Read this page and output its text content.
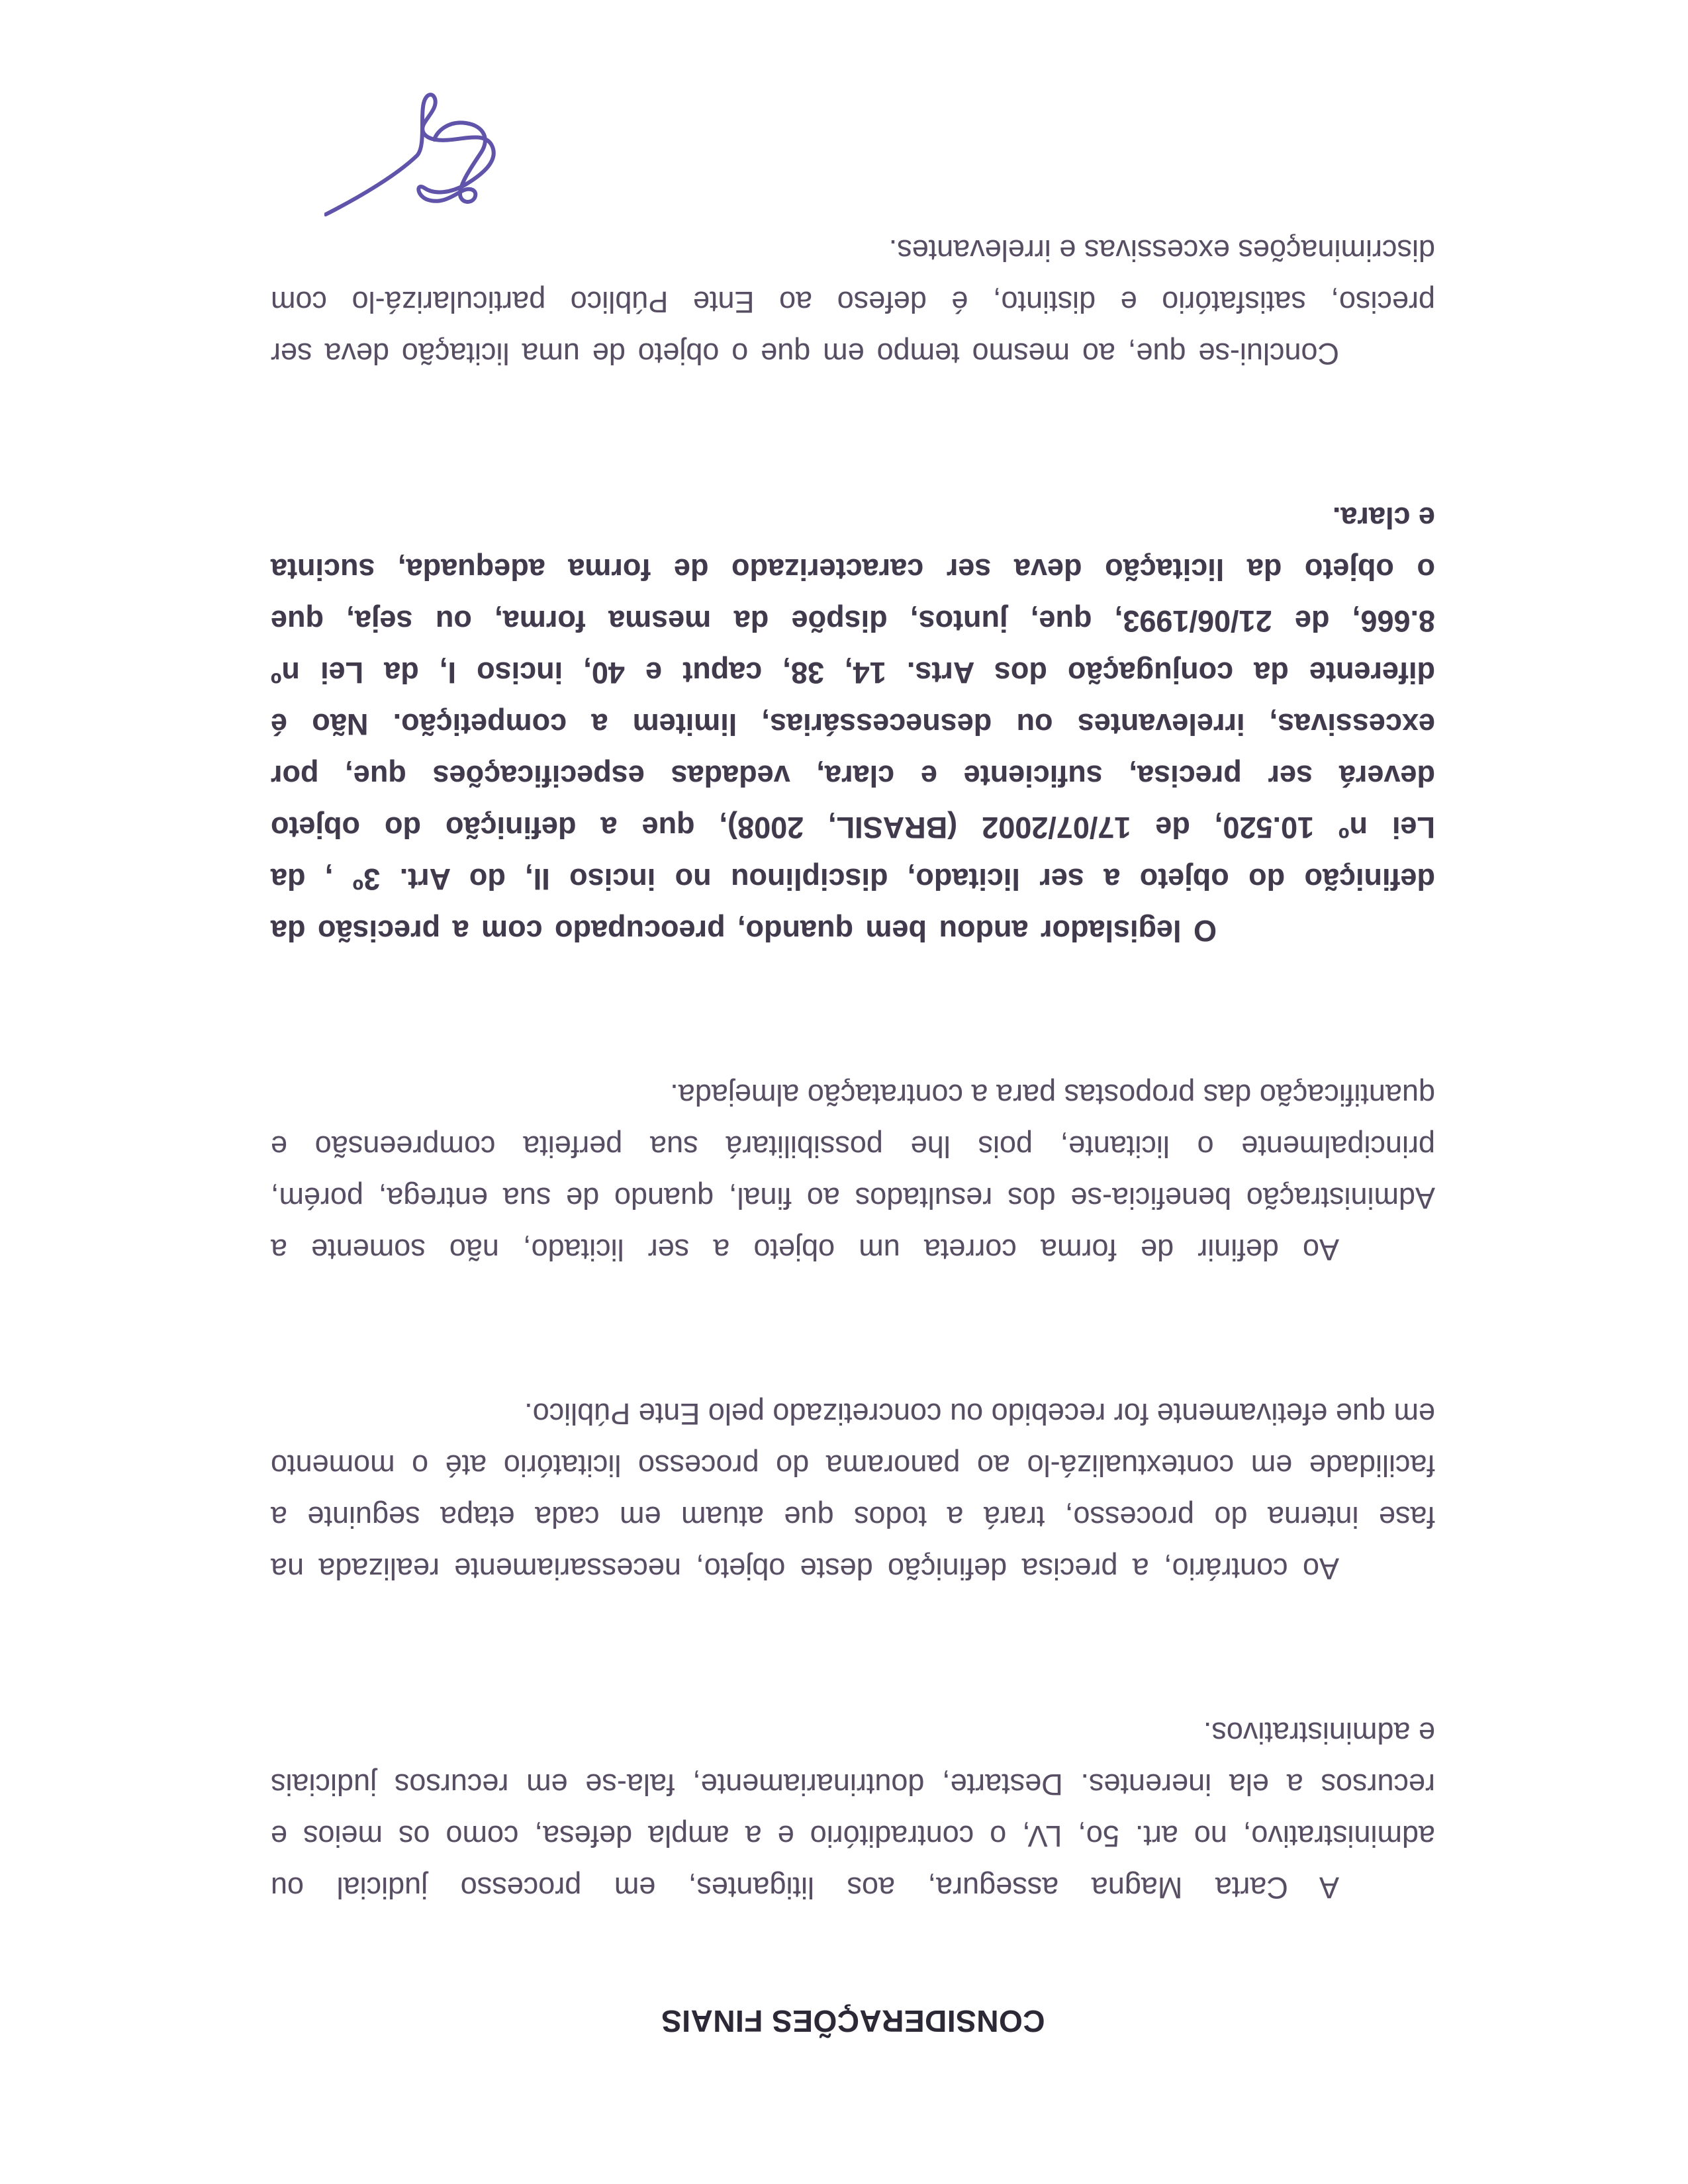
CONSIDERAÇÕES FINAIS
A Carta Magna assegura, aos litigantes, em processo judicial ou
administrativo, no art. 5o, LV, o contraditório e a ampla defesa, como os meios e
recursos a ela inerentes. Destarte, doutrinariamente, fala-se em recursos judiciais
e administrativos.
Ao contrário, a precisa definição deste objeto, necessariamente realizada na
fase interna do processo, trará a todos que atuam em cada etapa seguinte a
facilidade em contextualizá-lo ao panorama do processo licitatório até o momento
em que efetivamente for recebido ou concretizado pelo Ente Público.
Ao definir de forma correta um objeto a ser licitado, não somente a
Administração beneficia-se dos resultados ao final, quando de sua entrega, porém,
principalmente o licitante, pois lhe possibilitará sua perfeita compreensão e
quantificação das propostas para a contratação almejada.
O legislador andou bem quando, preocupado com a precisão da
definição do objeto a ser licitado, disciplinou no inciso II, do Art. 3º , da
Lei nº 10.520, de 17/07/2002 (BRASIL, 2008), que a definição do objeto
deverá ser precisa, suficiente e clara, vedadas especificações que, por
excessivas, irrelevantes ou desnecessárias, limitem a competição. Não é
diferente da conjugação dos Arts. 14, 38, caput e 40, inciso I, da Lei nº
8.666, de 21/06/1993, que, juntos, dispõe da mesma forma, ou seja, que
o objeto da licitação deva ser caracterizado de forma adequada, sucinta
e clara.
Conclui-se que, ao mesmo tempo em que o objeto de uma licitação deva ser
preciso, satisfatório e distinto, é defeso ao Ente Público particularizá-lo com
discriminações excessivas e irrelevantes.
